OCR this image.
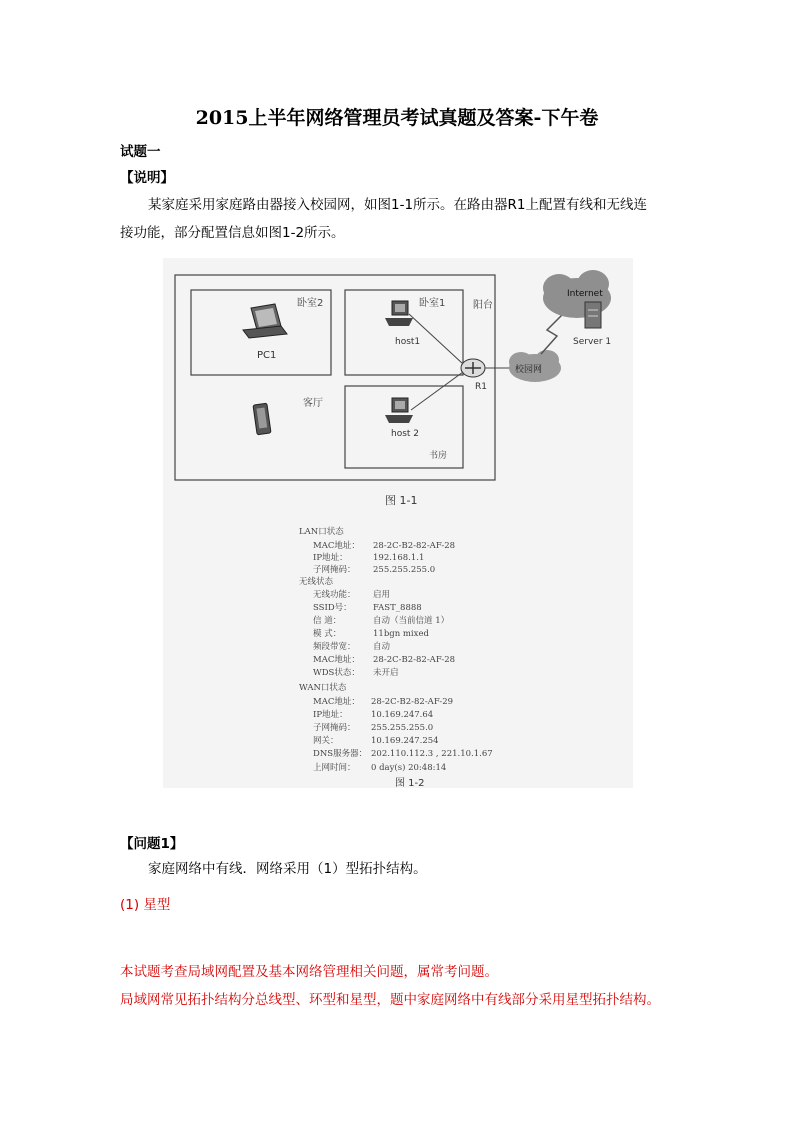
2015上半年网络管理员考试真题及答案-下午卷
试题一
【说明】
某家庭采用家庭路由器接入校园网，如图1-1所示。在路由器R1上配置有线和无线连
接功能，部分配置信息如图1-2所示。
卧室2	卧室1	阳台
客厅
书房
PC1
host1
host 2
R1
校园网
Internet
Server 1
图 1-1
LAN口状态
MAC地址： 28-2C-B2-82-AF-28
IP地址：	192.168.1.1
子网掩码： 255.255.255.0
无线状态
无线功能： 启用
SSID号：	FAST_8888
信 道：	自动（当前信道 1）
模 式：	11bgn mixed
频段带宽： 自动
MAC地址： 28-2C-B2-82-AF-28
WDS状态： 未开启
WAN口状态
MAC地址： 28-2C-B2-82-AF-29
IP地址：	10.169.247.64
子网掩码： 255.255.255.0
网关：	10.169.247.254
DNS服务器： 202.110.112.3 , 221.10.1.67
上网时间： 0 day(s) 20:48:14
图 1-2
【问题1】
家庭网络中有线．网络采用（1）型拓扑结构。
(1) 星型
本试题考查局域网配置及基本网络管理相关问题，属常考问题。
局域网常见拓扑结构分总线型、环型和星型，题中家庭网络中有线部分采用星型拓扑结构。
